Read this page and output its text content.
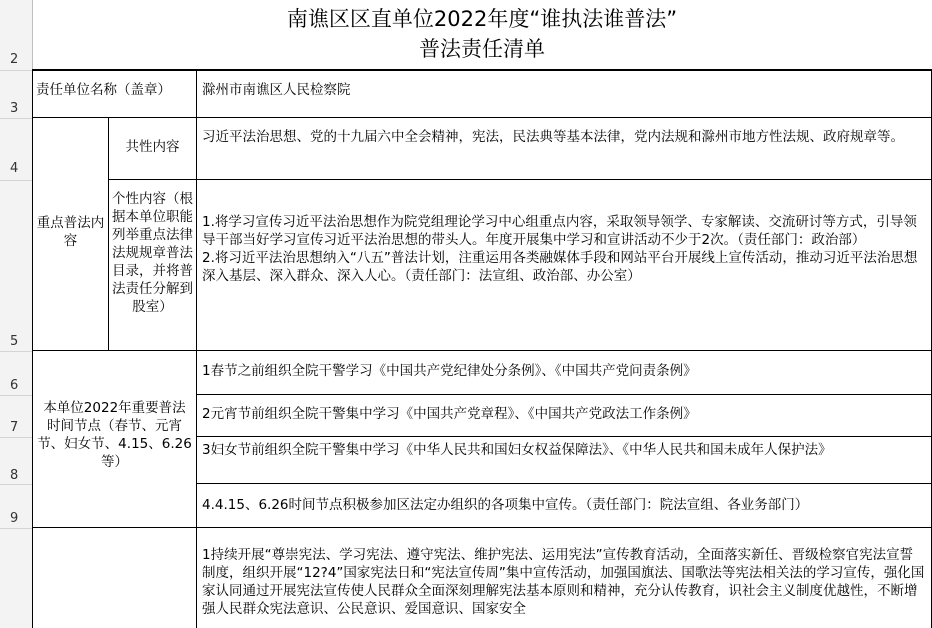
2
3
4
5
6
7
8
9
南谯区区直单位2022年度“谁执法谁普法”
普法责任清单
责任单位名称（盖章）	滁州市南谯区人民检察院
重点普法内容
共性内容
习近平法治思想、党的十九届六中全会精神，宪法，民法典等基本法律，党内法规和滁州市地方性法规、政府规章等。
个性内容（根据本单位职能列举重点法律法规规章普法目录，并将普法责任分解到股室）
1.将学习宣传习近平法治思想作为院党组理论学习中心组重点内容，采取领导领学、专家解读、交流研讨等方式，引导领导干部当好学习宣传习近平法治思想的带头人。年度开展集中学习和宣讲活动不少于2次。（责任部门：政治部）
2.将习近平法治思想纳入“八五”普法计划，注重运用各类融媒体手段和网站平台开展线上宣传活动，推动习近平法治思想深入基层、深入群众、深入人心。（责任部门：法宣组、政治部、办公室）
本单位2022年重要普法时间节点（春节、元宵节、妇女节、4.15、6.26等）
1春节之前组织全院干警学习《中国共产党纪律处分条例》、《中国共产党问责条例》
2元宵节前组织全院干警集中学习《中国共产党章程》、《中国共产党政法工作条例》
3妇女节前组织全院干警集中学习《中华人民共和国妇女权益保障法》、《中华人民共和国未成年人保护法》
4.4.15、6.26时间节点积极参加区法定办组织的各项集中宣传。（责任部门：院法宣组、各业务部门）
1持续开展“尊崇宪法、学习宪法、遵守宪法、维护宪法、运用宪法”宣传教育活动，全面落实新任、晋级检察官宪法宣誓制度，组织开展“12?4”国家宪法日和“宪法宣传周”集中宣传活动，加强国旗法、国歌法等宪法相关法的学习宣传，强化国家认同通过开展宪法宣传使人民群众全面深刻理解宪法基本原则和精神，充分认传教育，识社会主义制度优越性，不断增强人民群众宪法意识、公民意识、爱国意识、国家安全
